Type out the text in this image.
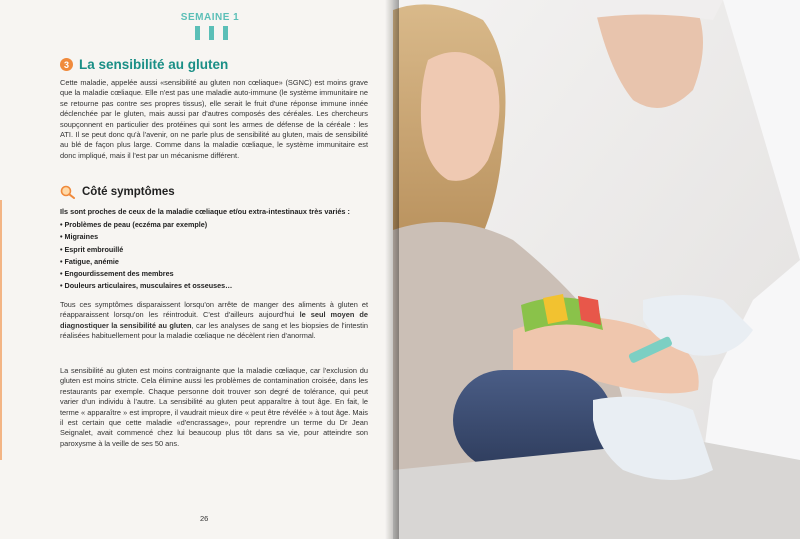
SEMAINE 1
3 La sensibilité au gluten

Cette maladie, appelée aussi «sensibilité au gluten non cœliaque» (SGNC) est moins grave que la maladie cœliaque. Elle n'est pas une maladie auto-immune (le système immunitaire ne se retourne pas contre ses propres tissus), elle serait le fruit d'une réponse immune innée déclenchée par le gluten, mais aussi par d'autres composés des céréales. Les chercheurs soupçonnent en particulier des protéines qui sont les armes de défense de la céréale : les ATI. Il se peut donc qu'à l'avenir, on ne parle plus de sensibilité au gluten, mais de sensibilité au blé de façon plus large. Comme dans la maladie cœliaque, le système immunitaire est donc impliqué, mais il l'est par un mécanisme différent.

Côté symptômes
Ils sont proches de ceux de la maladie cœliaque et/ou extra-intestinaux très variés :
• Problèmes de peau (eczéma par exemple)
• Migraines
• Esprit embrouillé
• Fatigue, anémie
• Engourdissement des membres
• Douleurs articulaires, musculaires et osseuses…

Tous ces symptômes disparaissent lorsqu'on arrête de manger des aliments à gluten et réapparaissent lorsqu'on les réintroduit. C'est d'ailleurs aujourd'hui le seul moyen de diagnostiquer la sensibilité au gluten, car les analyses de sang et les biopsies de l'intestin réalisées habituellement pour la maladie cœliaque ne décèlent rien d'anormal.

La sensibilité au gluten est moins contraignante que la maladie cœliaque, car l'exclusion du gluten est moins stricte. Cela élimine aussi les problèmes de contamination croisée, dans les restaurants par exemple. Chaque personne doit trouver son degré de tolérance, qui peut varier d'un individu à l'autre. La sensibilité au gluten peut apparaître à tout âge. En fait, le terme « apparaître » est impropre, il vaudrait mieux dire « peut être révélée » à tout âge. Mais il est certain que cette maladie «d'encrassage», pour reprendre un terme du Dr Jean Seignalet, avait commencé chez lui beaucoup plus tôt dans sa vie, pour atteindre son paroxysme à la veille de ses 50 ans.

26
